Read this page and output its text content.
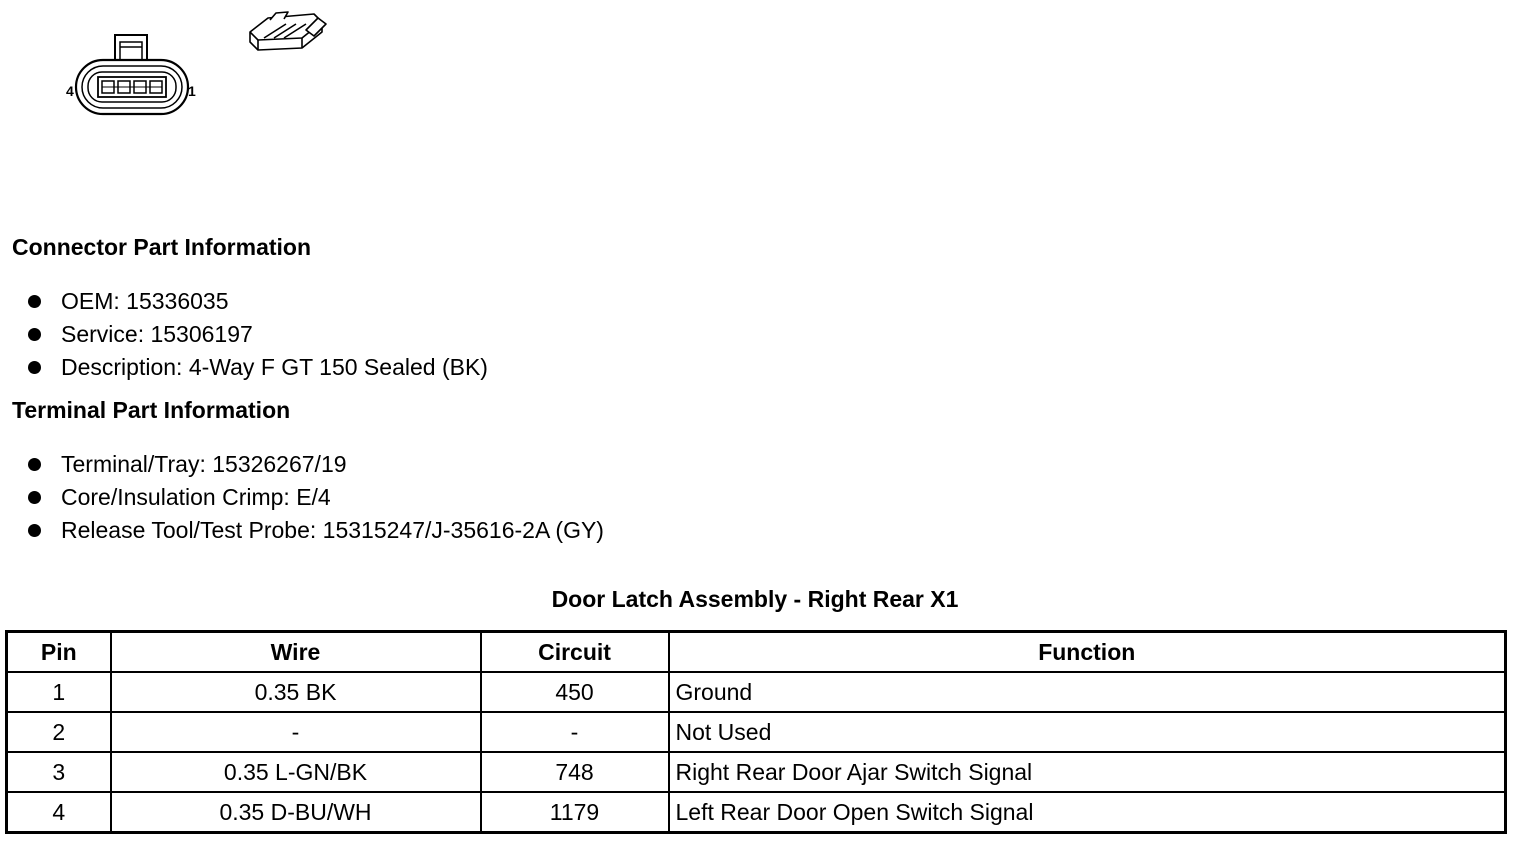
4	1
Connector Part Information
OEM: 15336035
Service: 15306197
Description: 4-Way F GT 150 Sealed (BK)
Terminal Part Information
Terminal/Tray: 15326267/19
Core/Insulation Crimp: E/4
Release Tool/Test Probe: 15315247/J-35616-2A (GY)
Door Latch Assembly - Right Rear X1
Pin	Wire	Circuit	Function
1	0.35 BK	450	Ground
2	-	-	Not Used
3	0.35 L-GN/BK	748	Right Rear Door Ajar Switch Signal
4	0.35 D-BU/WH	1179	Left Rear Door Open Switch Signal
